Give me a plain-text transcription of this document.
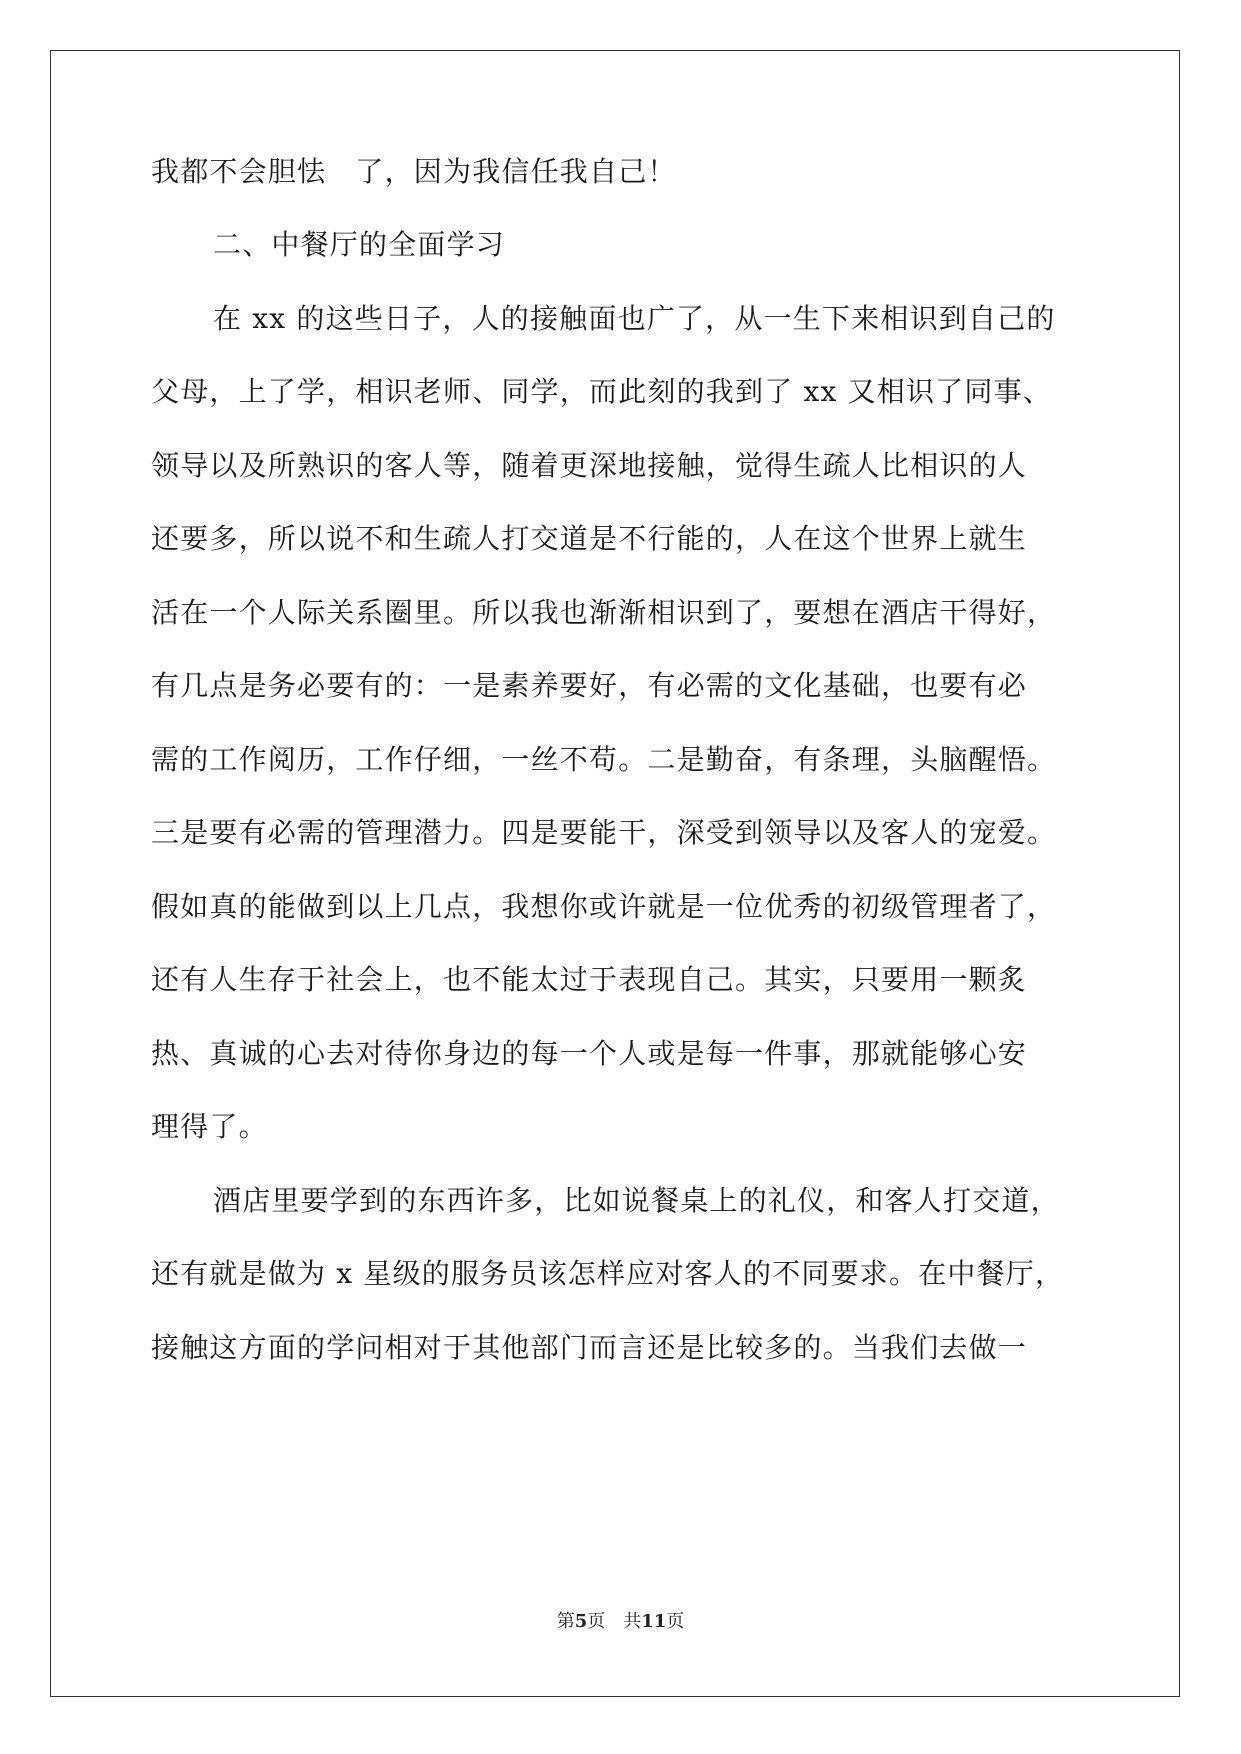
我都不会胆怯　了，因为我信任我自己！
二、中餐厅的全面学习
在 xx 的这些日子，人的接触面也广了，从一生下来相识到自己的
父母，上了学，相识老师、同学，而此刻的我到了 xx 又相识了同事、
领导以及所熟识的客人等，随着更深地接触，觉得生疏人比相识的人
还要多，所以说不和生疏人打交道是不行能的，人在这个世界上就生
活在一个人际关系圈里。所以我也渐渐相识到了，要想在酒店干得好，
有几点是务必要有的：一是素养要好，有必需的文化基础，也要有必
需的工作阅历，工作仔细，一丝不苟。二是勤奋，有条理，头脑醒悟。
三是要有必需的管理潜力。四是要能干，深受到领导以及客人的宠爱。
假如真的能做到以上几点，我想你或许就是一位优秀的初级管理者了，
还有人生存于社会上，也不能太过于表现自己。其实，只要用一颗炙
热、真诚的心去对待你身边的每一个人或是每一件事，那就能够心安
理得了。
酒店里要学到的东西许多，比如说餐桌上的礼仪，和客人打交道，
还有就是做为 x 星级的服务员该怎样应对客人的不同要求。在中餐厅，
接触这方面的学问相对于其他部门而言还是比较多的。当我们去做一
第5页 共11页
